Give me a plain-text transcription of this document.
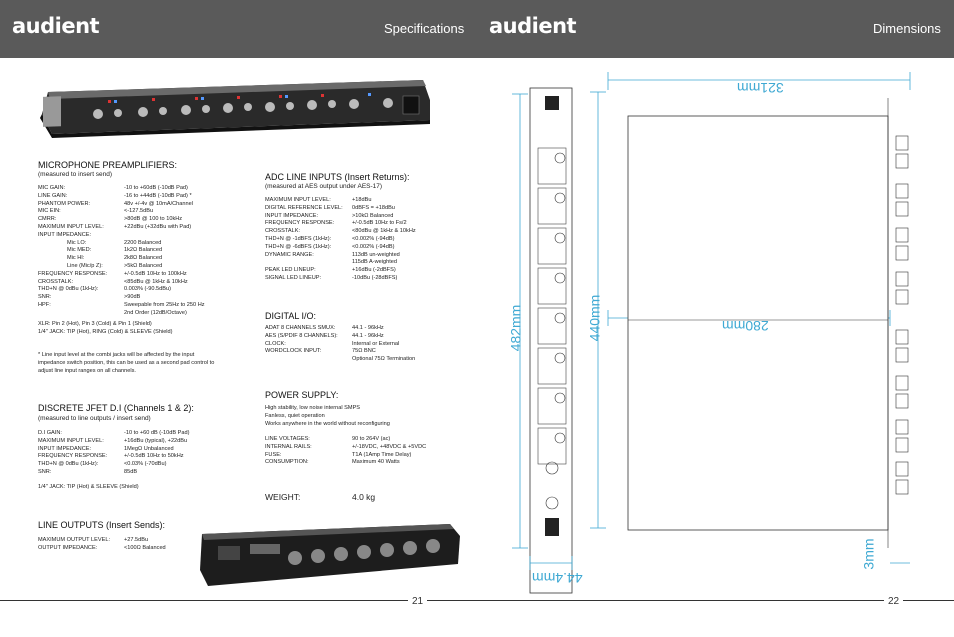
audient	Specifications audient	Dimensions
MICROPHONE PREAMPLIFIERS:
(measured to insert send)
MIC GAIN:	-10 to +60dB (-10dB Pad)
LINE GAIN:	-16 to +44dB (-10dB Pad) *
PHANTOM POWER:	48v +/-4v @ 10mA/Channel
MIC EIN:	<-127.5dBu
CMRR:	>80dB @ 100 to 10kHz
MAXIMUM INPUT LEVEL:	+22dBu (+32dBu with Pad)
INPUT IMPEDANCE:
Mic LO:	2200 Balanced
Mic MED:	1k2Ω Balanced
Mic HI:	2k8Ω Balanced
Line (Mic/p Z):	>5kΩ Balanced
FREQUENCY RESPONSE:	+/-0.5dB 10Hz to 100kHz
CROSSTALK:	<85dBu @ 1kHz & 10kHz
THD+N @ 0dBu (1kHz):	0.003% (-90.5dBu)
SNR:	>90dB
HPF:	Sweepable from 25Hz to 250 Hz
2nd Order (12dB/Octave)
XLR: Pin 2 (Hot), Pin 3 (Cold) & Pin 1 (Shield)
1/4" JACK: TIP (Hot), RING (Cold) & SLEEVE (Shield)
* Line input level at the combi jacks will be affected by the input impedance switch position, this can be used as a second pad control to adjust line input ranges on all channels.
DISCRETE JFET D.I (Channels 1 & 2):
(measured to line outputs / insert send)
D.I GAIN:	-10 to +60 dB (-10dB Pad)
MAXIMUM INPUT LEVEL:	+16dBu (typical), +22dBu
INPUT IMPEDANCE:	1MegΩ Unbalanced
FREQUENCY RESPONSE:	+/-0.5dB 10Hz to 50kHz
THD+N @ 0dBu (1kHz):	<0.03% (-70dBu)
SNR:	85dB
1/4" JACK: TIP (Hot) & SLEEVE (Shield)
LINE OUTPUTS (Insert Sends):
MAXIMUM OUTPUT LEVEL:	+27.5dBu
OUTPUT IMPEDANCE:	<100Ω Balanced
ADC LINE INPUTS (Insert Returns):
(measured at AES output under AES-17)
MAXIMUM INPUT LEVEL:	+18dBu
DIGITAL REFERENCE LEVEL:	0dBFS = +18dBu
INPUT IMPEDANCE:	>10kΩ Balanced
FREQUENCY RESPONSE:	+/-0.5dB 10Hz to Fs/2
CROSSTALK:	<80dBu @ 1kHz & 10kHz
THD+N @ -1dBFS (1kHz):	<0.002% (-94dB)
THD+N @ -6dBFS (1kHz):	<0.002% (-94dB)
DYNAMIC RANGE:	113dB un-weighted
115dB A-weighted
PEAK LED LINEUP:	+16dBu (-2dBFS)
SIGNAL LED LINEUP:	-10dBu (-28dBFS)
DIGITAL I/O:
ADAT 8 CHANNELS SMUX:	44.1 - 96kHz
AES (S/PDIF 8 CHANNELS):	44.1 - 96kHz
CLOCK:	Internal or External
WORDCLOCK INPUT:	75Ω BNC
Optional 75Ω Termination
POWER SUPPLY:
High stability, low noise internal SMPS
Fanless, quiet operation
Works anywhere in the world without reconfiguring
LINE VOLTAGES:	90 to 264V (ac)
INTERNAL RAILS:	+/-18VDC, +48VDC & +5VDC
FUSE:	T1A (1Amp Time Delay)
CONSUMPTION:	Maximum 40 Watts
WEIGHT:	4.0 kg
21	22
321mm
280mm
482mm	440mm
44.4mm
3mm
